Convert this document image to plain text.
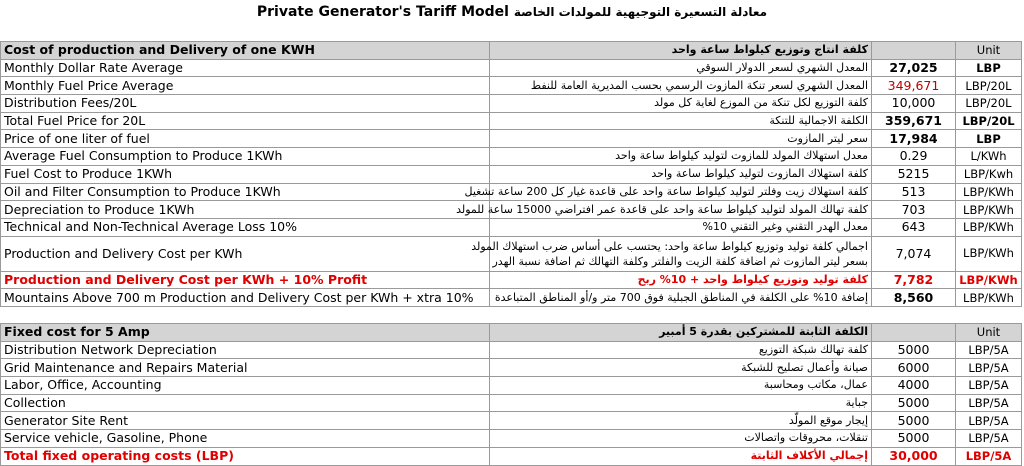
Private Generator's Tariff Model معادلة التسعيرة التوجيهية للمولدات الخاصة
Cost of production and Delivery of one KWH	كلفة انتاج وتوزيع كيلواط ساعة واحد		Unit
Monthly Dollar Rate Average	المعدل الشهري لسعر الدولار السوقي	27,025	LBP
Monthly Fuel Price Average	المعدل الشهري لسعر تنكة المازوت الرسمي بحسب المديرية العامة للنفط	349,671	LBP/20L
Distribution Fees/20L	كلفة التوزيع لكل تنكة من الموزع لغاية كل مولد	10,000	LBP/20L
Total Fuel Price for 20L	الكلفة الاجمالية للتنكة	359,671	LBP/20L
Price of one liter of fuel	سعر ليتر المازوت	17,984	LBP
Average Fuel Consumption to Produce 1KWh	معدل استهلاك المولد للمازوت لتوليد كيلواط ساعة واحد	0.29	L/KWh
Fuel Cost to Produce 1KWh	كلفة استهلاك المازوت لتوليد كيلواط ساعة واحد	5215	LBP/Kwh
Oil and Filter Consumption to Produce 1KWh	كلفة استهلاك زيت وفلتر لتوليد كيلواط ساعة واحد على قاعدة غيار كل 200 ساعة تشغيل	513	LBP/KWh
Depreciation to Produce 1KWh	كلفة تهالك المولد لتوليد كيلواط ساعة واحد على قاعدة عمر افتراضي 15000 ساعة للمولد	703	LBP/KWh
Technical and Non-Technical Average Loss 10%	معدل الهدر التقني وغير التقني 10%	643	LBP/KWh
Production and Delivery Cost per KWh	اجمالي كلفة توليد وتوزيع كيلواط ساعة واحد: يحتسب على أساس ضرب استهلاك المولد
بسعر ليتر المازوت ثم اضافة كلفة الزيت والفلتر وكلفة التهالك ثم اضافة نسبة الهدر	7,074	LBP/KWh
Production and Delivery Cost per KWh + 10% Profit	كلفة توليد وتوزيع كيلواط واحد + 10% ربح	7,782	LBP/KWh
Mountains Above 700 m Production and Delivery Cost per KWh + xtra 10%	إضافة 10% على الكلفة في المناطق الجبلية فوق 700 متر و/أو المناطق المتباعدة	8,560	LBP/KWh
Fixed cost for 5 Amp	الكلفة الثابتة للمشتركين بقدرة 5 أمبير		Unit
Distribution Network Depreciation	كلفة تهالك شبكة التوزيع	5000	LBP/5A
Grid Maintenance and Repairs Material	صيانة وأعمال تصليح للشبكة	6000	LBP/5A
Labor, Office, Accounting	عمال، مكاتب ومحاسبة	4000	LBP/5A
Collection	جباية	5000	LBP/5A
Generator Site Rent	إيجار موقع المولّد	5000	LBP/5A
Service vehicle, Gasoline, Phone	تنقلات، محروقات واتصالات	5000	LBP/5A
Total fixed operating costs (LBP)	إجمالي الأكلاف الثابتة	30,000	LBP/5A
